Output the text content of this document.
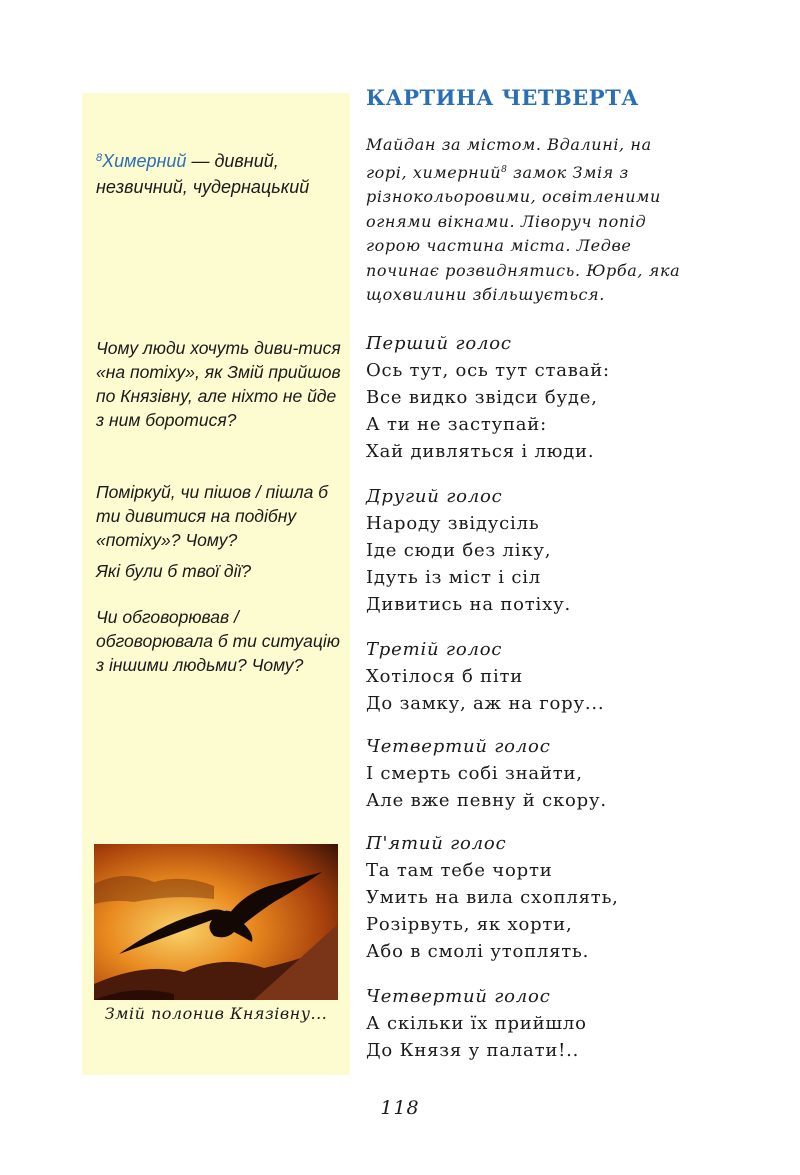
$^8$Химерний — дивний, незвичний, чудернацький

Чому люди хочуть диви-тися «на потіху», як Змій прийшов по Князівну, але ніхто не йде з ним боротися?

Поміркуй, чи пішов / пішла б ти дивитися на подібну «потіху»? Чому?

Які були б твої дії?

Чи обговорював / обговорювала б ти ситуацію з іншими людьми? Чому?

Змій полонив Князівну...
КАРТИНА ЧЕТВЕРТА
Майдан за містом. Вдалині, на горі, химерний$^8$ замок Змія з різнокольоровими, освітленими огнями вікнами. Ліворуч попід горою частина міста. Ледве починає розвиднятись. Юрба, яка щохвилини збільшується.
Перший голос
Ось тут, ось тут ставай:
Все видко звідси буде,
А ти не заступай:
Хай дивляться і люди.
Другий голос
Народу звідусіль
Іде сюди без ліку,
Ідуть із міст і сіл
Дивитись на потіху.
Третій голос
Хотілося б піти
До замку, аж на гору...
Четвертий голос
І смерть собі знайти,
Але вже певну й скору.
П'ятий голос
Та там тебе чорти
Умить на вила схоплять,
Розірвуть, як хорти,
Або в смолі утоплять.
Четвертий голос
А скільки їх прийшло
До Князя у палати!..
118
